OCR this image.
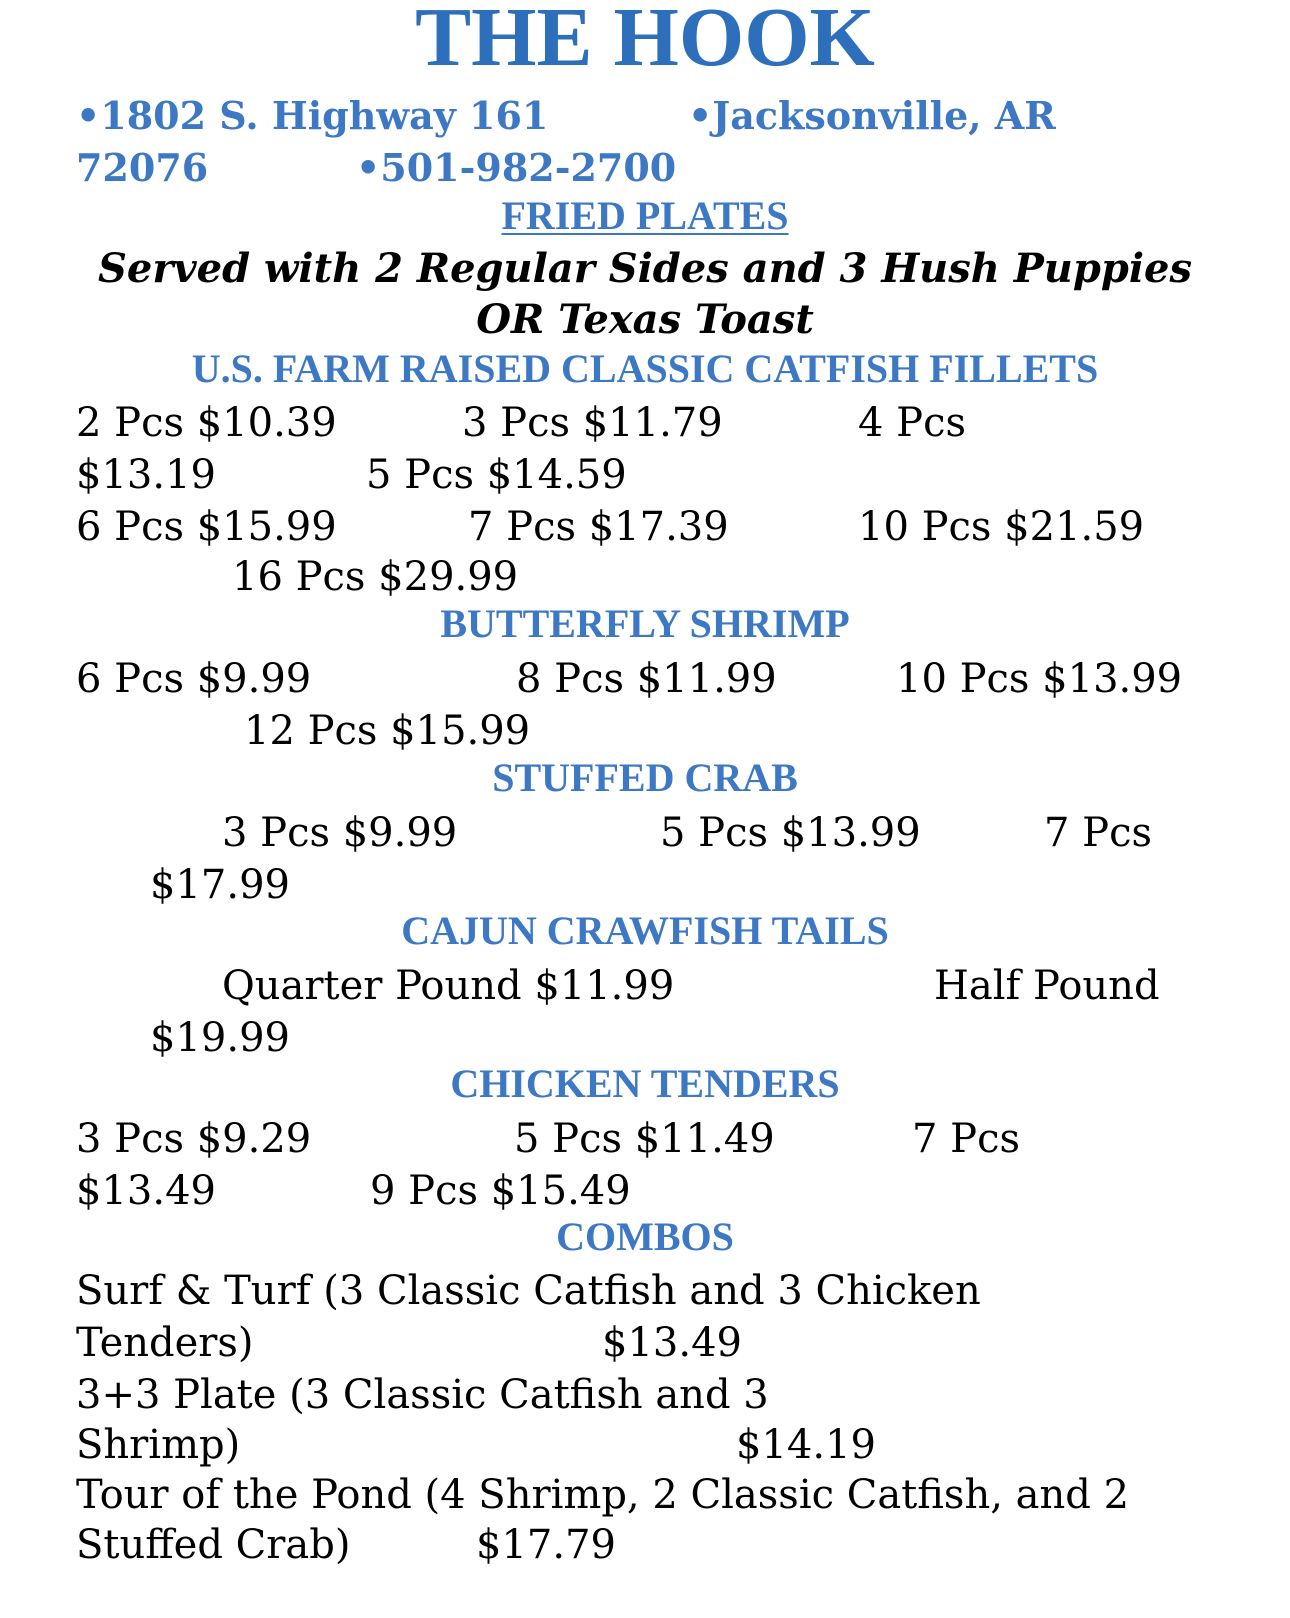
THE HOOK
•1802 S. Highway 161	•Jacksonville, AR
72076	•501-982-2700
FRIED PLATES
Served with 2 Regular Sides and 3 Hush Puppies
OR Texas Toast
U.S. FARM RAISED CLASSIC CATFISH FILLETS
2 Pcs $10.39	3 Pcs $11.79	4 Pcs
$13.19	5 Pcs $14.59
6 Pcs $15.99	7 Pcs $17.39	10 Pcs $21.59
16 Pcs $29.99
BUTTERFLY SHRIMP
6 Pcs $9.99	8 Pcs $11.99	10 Pcs $13.99
12 Pcs $15.99
STUFFED CRAB
3 Pcs $9.99	5 Pcs $13.99	7 Pcs
$17.99
CAJUN CRAWFISH TAILS
Quarter Pound $11.99	Half Pound
$19.99
CHICKEN TENDERS
3 Pcs $9.29	5 Pcs $11.49	7 Pcs
$13.49	9 Pcs $15.49
COMBOS
Surf & Turf (3 Classic Catfish and 3 Chicken
Tenders)	$13.49
3+3 Plate (3 Classic Catfish and 3
Shrimp)	$14.19
Tour of the Pond (4 Shrimp, 2 Classic Catfish, and 2
Stuffed Crab)	$17.79
